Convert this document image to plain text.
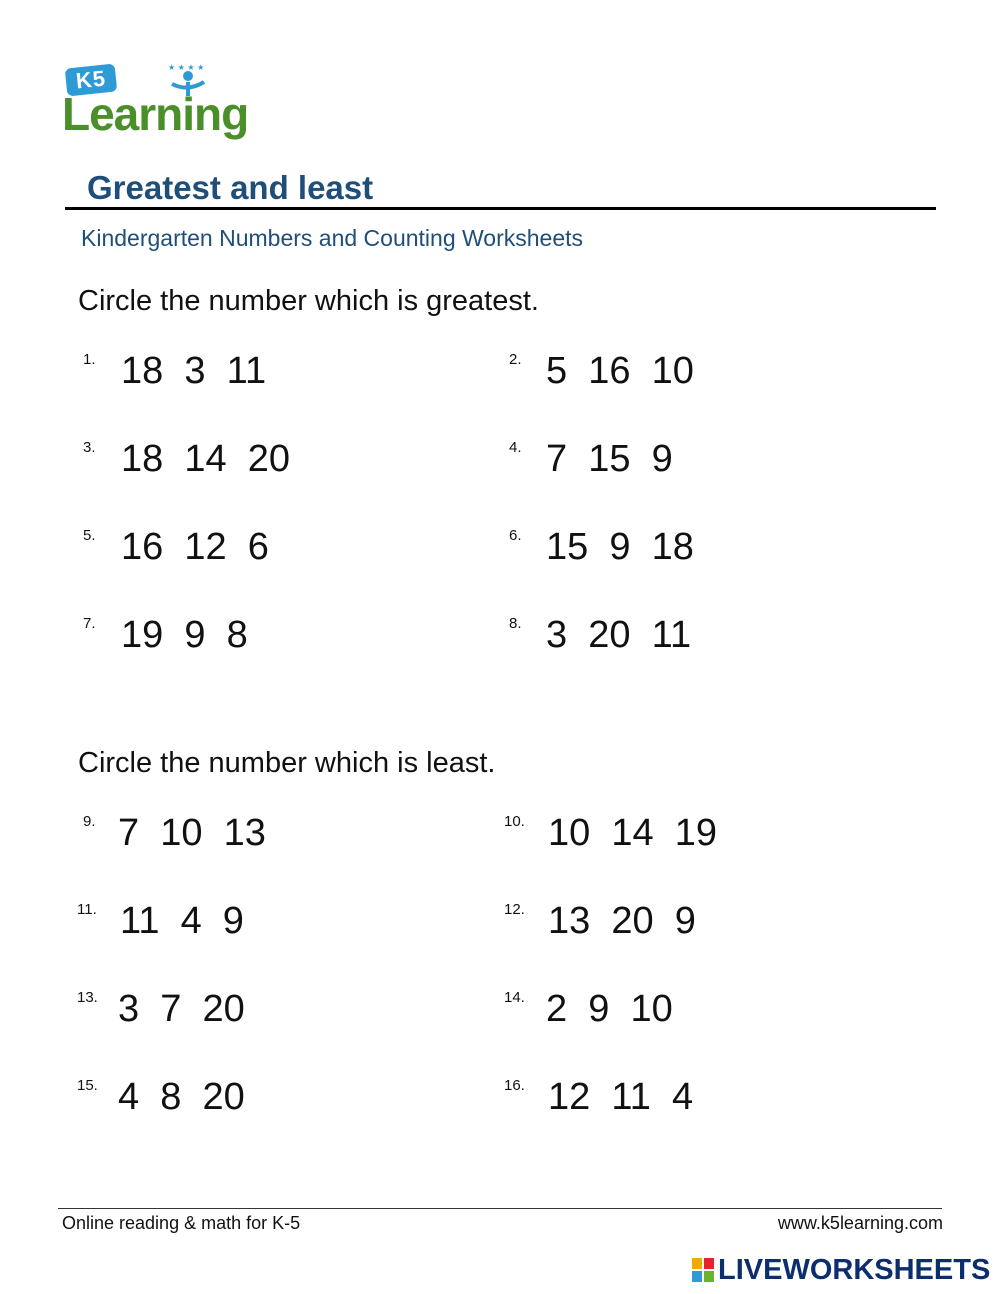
K5	★ ★ ★ ★
Learning
Greatest and least
Kindergarten Numbers and Counting Worksheets
Circle the number which is greatest.
1. 18  3  11	2. 5  16  10
3. 18  14  20	4. 7  15  9
5. 16  12  6	6. 15  9  18
7. 19  9  8	8. 3  20  11
Circle the number which is least.
9. 7  10  13	10. 10  14  19
11. 11  4  9	12. 13  20  9
13. 3  7  20	14. 2  9  10
15. 4  8  20	16. 12  11  4
Online reading & math for K-5	www.k5learning.com
LIVEWORKSHEETS
